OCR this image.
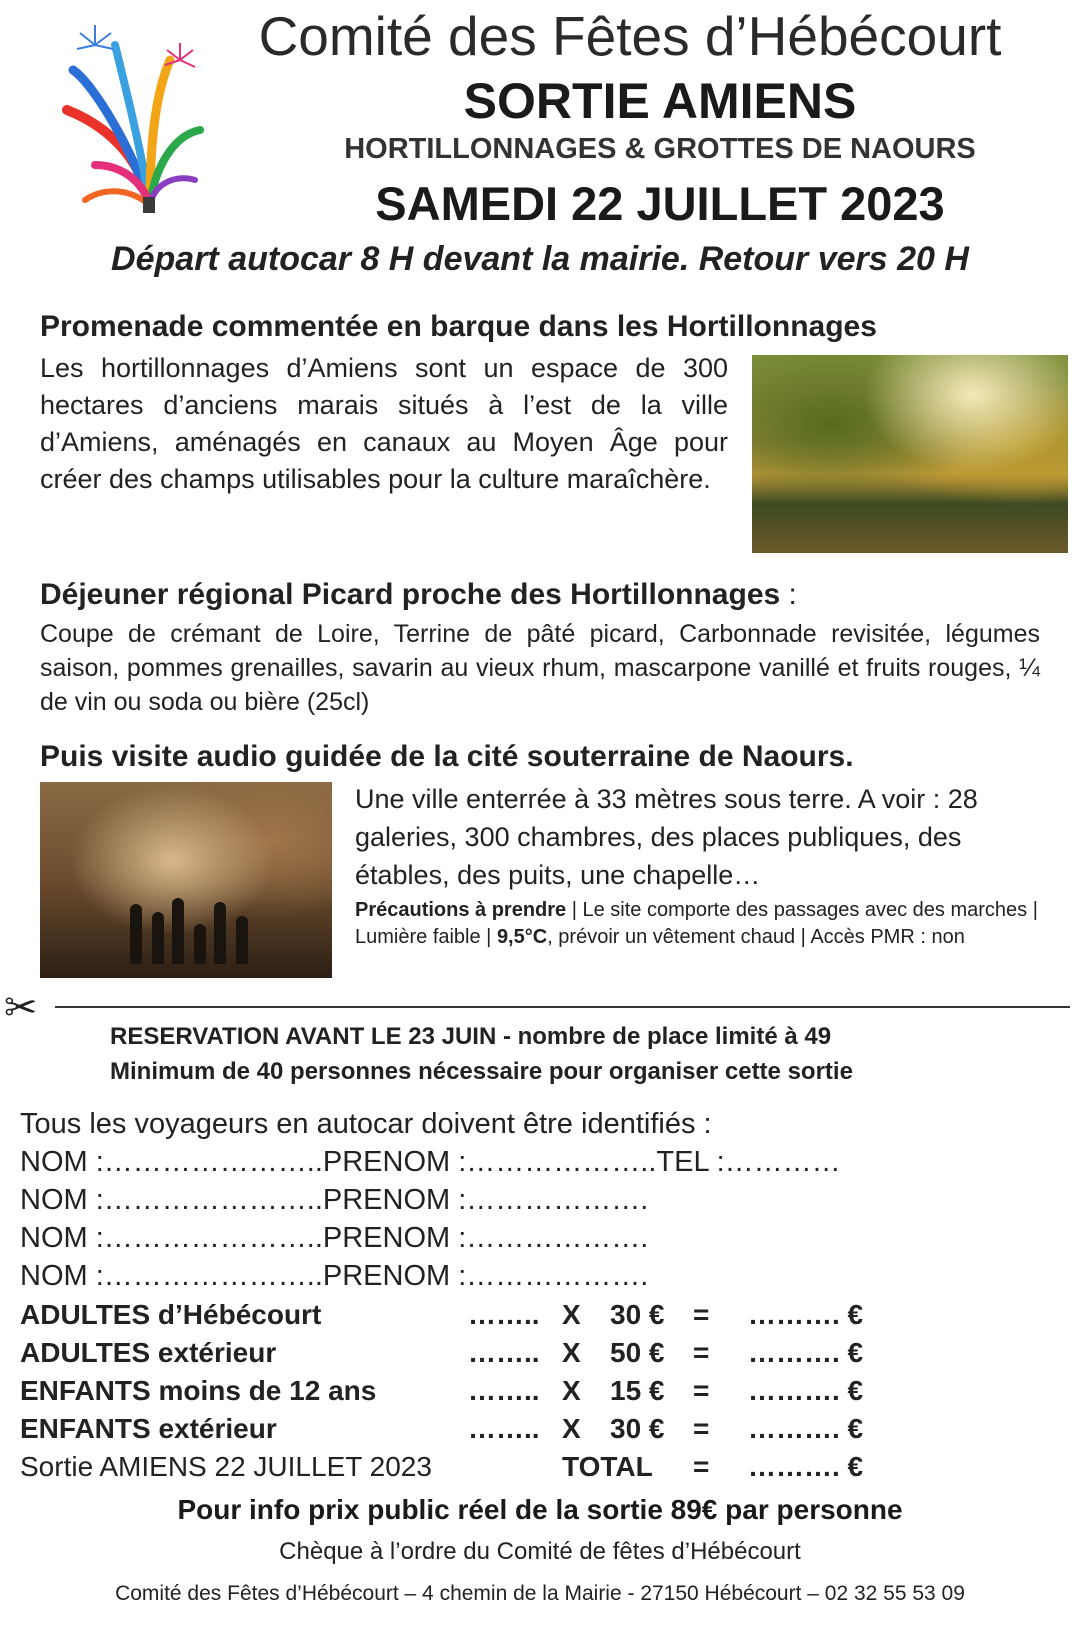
Comité des Fêtes d’Hébécourt
SORTIE AMIENS
HORTILLONNAGES & GROTTES DE NAOURS
SAMEDI 22 JUILLET 2023
Départ autocar 8 H devant la mairie. Retour vers 20 H
Promenade commentée en barque dans les Hortillonnages
Les hortillonnages d’Amiens sont un espace de 300 hectares d’anciens marais situés à l’est de la ville d’Amiens, aménagés en canaux au Moyen Âge pour créer des champs utilisables pour la culture maraîchère.
Déjeuner régional Picard proche des Hortillonnages :
Coupe de crémant de Loire, Terrine de pâté picard, Carbonnade revisitée, légumes saison, pommes grenailles, savarin au vieux rhum, mascarpone vanillé et fruits rouges, ¼ de vin ou soda ou bière (25cl)
Puis visite audio guidée de la cité souterraine de Naours.
Une ville enterrée à 33 mètres sous terre. A voir : 28 galeries, 300 chambres, des places publiques, des étables, des puits, une chapelle…
Précautions à prendre | Le site comporte des passages avec des marches | Lumière faible | 9,5°C, prévoir un vêtement chaud | Accès PMR : non
✂
RESERVATION AVANT LE 23 JUIN - nombre de place limité à 49
Minimum de 40 personnes nécessaire pour organiser cette sortie
Tous les voyageurs en autocar doivent être identifiés :
NOM :…………………..PRENOM :………………..TEL :…………
NOM :…………………..PRENOM :……………….
NOM :…………………..PRENOM :……………….
NOM :…………………..PRENOM :……………….
ADULTES d’Hébécourt	…….. X 30 € = ………. €
ADULTES extérieur	…….. X 50 € = ………. €
ENFANTS moins de 12 ans	…….. X 15 € = ………. €
ENFANTS extérieur	…….. X 30 € = ………. €
Sortie AMIENS 22 JUILLET 2023	TOTAL = ………. €
Pour info prix public réel de la sortie 89€ par personne
Chèque à l’ordre du Comité de fêtes d’Hébécourt
Comité des Fêtes d’Hébécourt – 4 chemin de la Mairie - 27150 Hébécourt – 02 32 55 53 09
